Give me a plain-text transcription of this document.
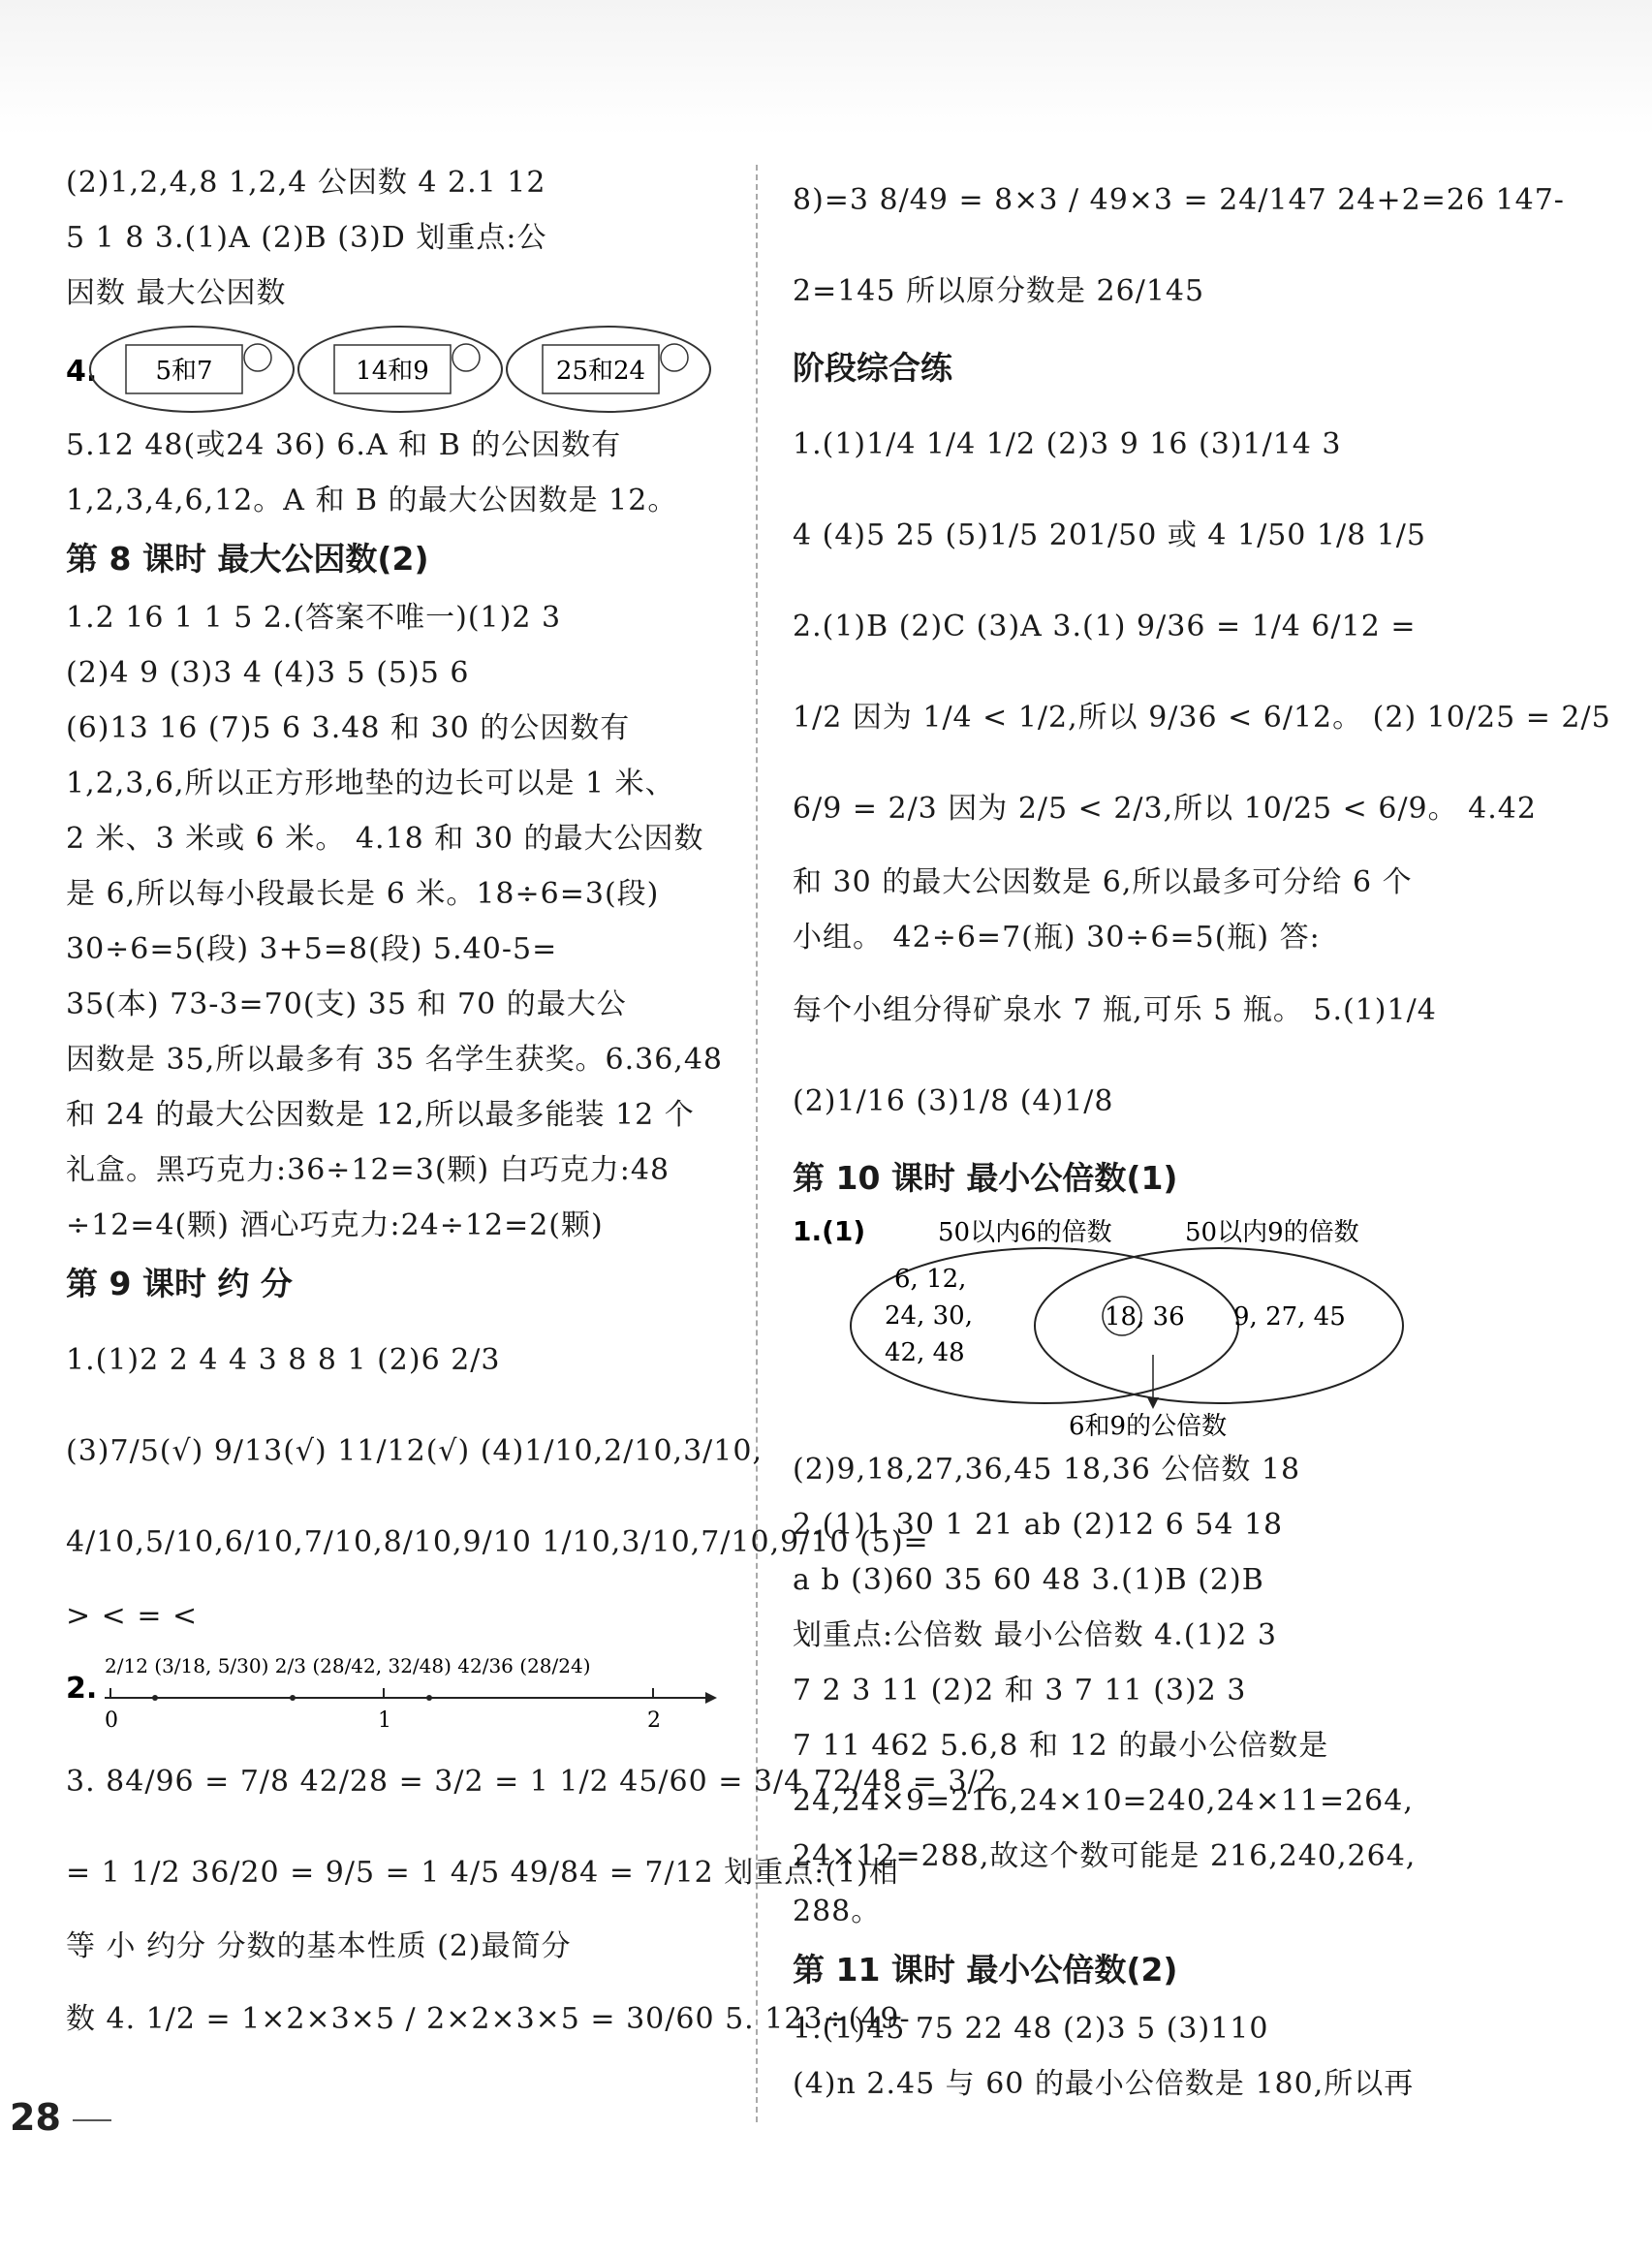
(2)1,2,4,8 1,2,4 公因数 4 2.1 12
5 1 8 3.(1)A (2)B (3)D 划重点:公
因数 最大公因数
4. 5和7	14和9	25和24
5.12 48(或24 36) 6.A 和 B 的公因数有
1,2,3,4,6,12。A 和 B 的最大公因数是 12。
第 8 课时 最大公因数(2)
1.2 16 1 1 5 2.(答案不唯一)(1)2 3
(2)4 9 (3)3 4 (4)3 5 (5)5 6
(6)13 16 (7)5 6 3.48 和 30 的公因数有
1,2,3,6,所以正方形地垫的边长可以是 1 米、
2 米、3 米或 6 米。 4.18 和 30 的最大公因数
是 6,所以每小段最长是 6 米。18÷6=3(段)
30÷6=5(段) 3+5=8(段) 5.40-5=
35(本) 73-3=70(支) 35 和 70 的最大公
因数是 35,所以最多有 35 名学生获奖。6.36,48
和 24 的最大公因数是 12,所以最多能装 12 个
礼盒。黑巧克力:36÷12=3(颗) 白巧克力:48
÷12=4(颗) 酒心巧克力:24÷12=2(颗)
第 9 课时 约 分
1.(1)2 2 4 4 3 8 8 1 (2)6 2/3
(3)7/5(√) 9/13(√) 11/12(√) (4)1/10,2/10,3/10,
4/10,5/10,6/10,7/10,8/10,9/10 1/10,3/10,7/10,9/10 (5)=
> < = <
2.
2/12 (3/18, 5/30) 2/3 (28/42, 32/48) 42/36 (28/24)
0	1	2
3. 84/96 = 7/8 42/28 = 3/2 = 1 1/2 45/60 = 3/4 72/48 = 3/2
= 1 1/2 36/20 = 9/5 = 1 4/5 49/84 = 7/12 划重点:(1)相
等 小 约分 分数的基本性质 (2)最简分
数 4. 1/2 = 1×2×3×5 / 2×2×3×5 = 30/60 5. 123÷(49-
8)=3 8/49 = 8×3 / 49×3 = 24/147 24+2=26 147-
2=145 所以原分数是 26/145
阶段综合练
1.(1)1/4 1/4 1/2 (2)3 9 16 (3)1/14 3
4 (4)5 25 (5)1/5 201/50 或 4 1/50 1/8 1/5
2.(1)B (2)C (3)A 3.(1) 9/36 = 1/4 6/12 =
1/2 因为 1/4 < 1/2,所以 9/36 < 6/12。 (2) 10/25 = 2/5
6/9 = 2/3 因为 2/5 < 2/3,所以 10/25 < 6/9。 4.42
和 30 的最大公因数是 6,所以最多可分给 6 个
小组。 42÷6=7(瓶) 30÷6=5(瓶) 答:
每个小组分得矿泉水 7 瓶,可乐 5 瓶。 5.(1)1/4
(2)1/16 (3)1/8 (4)1/8
第 10 课时 最小公倍数(1)
1.(1)	50以内6的倍数	50以内9的倍数
6, 12,
24, 30,
42, 48
18, 36 9, 27, 45
6和9的公倍数
(2)9,18,27,36,45 18,36 公倍数 18
2.(1)1 30 1 21 ab (2)12 6 54 18
a b (3)60 35 60 48 3.(1)B (2)B
划重点:公倍数 最小公倍数 4.(1)2 3
7 2 3 11 (2)2 和 3 7 11 (3)2 3
7 11 462 5.6,8 和 12 的最小公倍数是
24,24×9=216,24×10=240,24×11=264,
24×12=288,故这个数可能是 216,240,264,
288。
第 11 课时 最小公倍数(2)
1.(1)45 75 22 48 (2)3 5 (3)110
(4)n 2.45 与 60 的最小公倍数是 180,所以再
28
